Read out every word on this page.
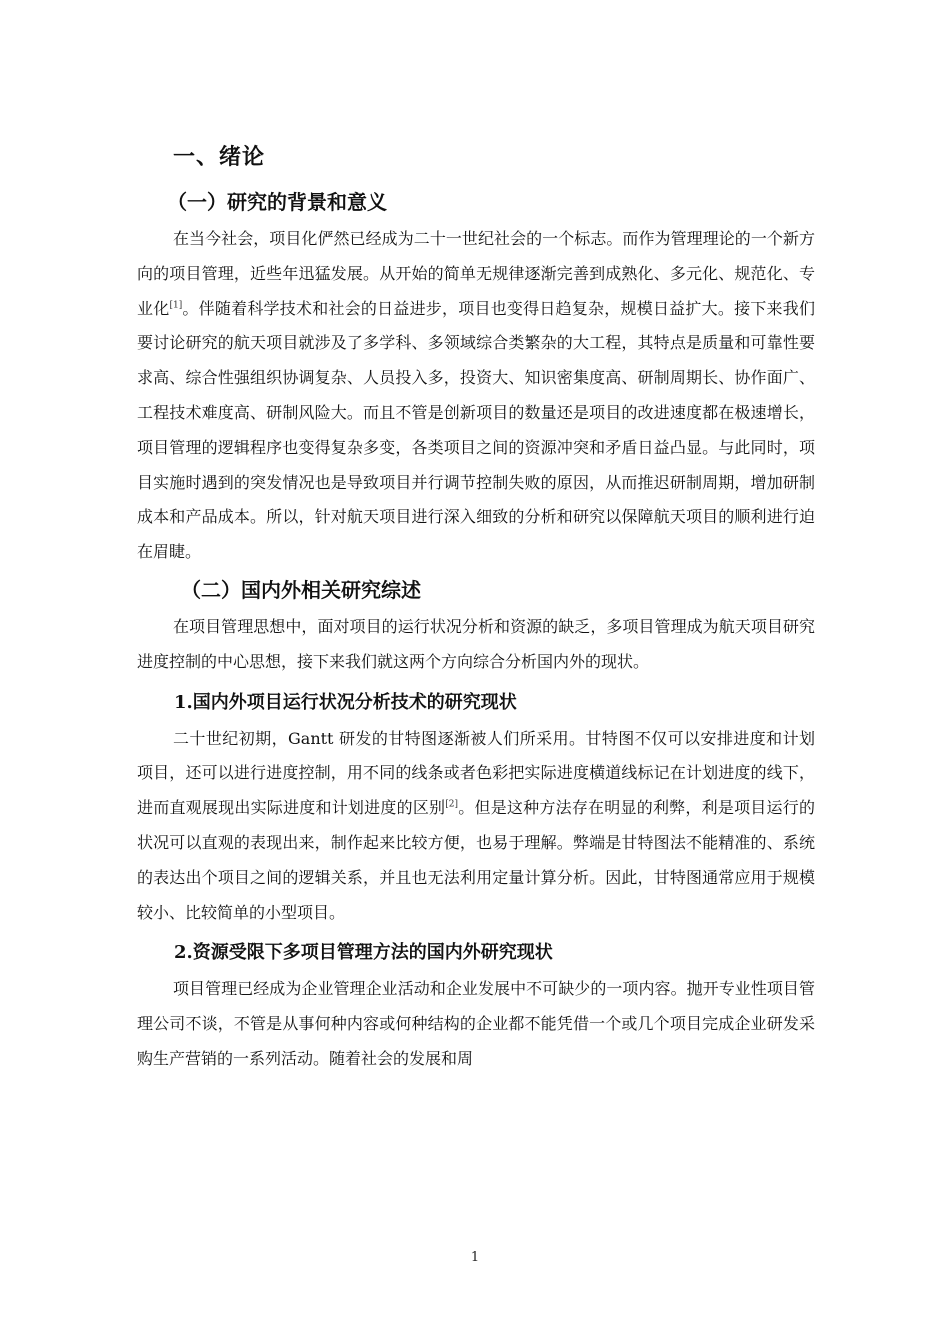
一、绪论
（一）研究的背景和意义

在当今社会，项目化俨然已经成为二十一世纪社会的一个标志。而作为管理理论的一个新方向的项目管理，近些年迅猛发展。从开始的简单无规律逐渐完善到成熟化、多元化、规范化、专业化[1]。伴随着科学技术和社会的日益进步，项目也变得日趋复杂，规模日益扩大。接下来我们要讨论研究的航天项目就涉及了多学科、多领域综合类繁杂的大工程，其特点是质量和可靠性要求高、综合性强组织协调复杂、人员投入多，投资大、知识密集度高、研制周期长、协作面广、工程技术难度高、研制风险大。而且不管是创新项目的数量还是项目的改进速度都在极速增长，项目管理的逻辑程序也变得复杂多变，各类项目之间的资源冲突和矛盾日益凸显。与此同时，项目实施时遇到的突发情况也是导致项目并行调节控制失败的原因，从而推迟研制周期，增加研制成本和产品成本。所以，针对航天项目进行深入细致的分析和研究以保障航天项目的顺利进行迫在眉睫。

（二）国内外相关研究综述

在项目管理思想中，面对项目的运行状况分析和资源的缺乏，多项目管理成为航天项目研究进度控制的中心思想，接下来我们就这两个方向综合分析国内外的现状。

1.国内外项目运行状况分析技术的研究现状

二十世纪初期，Gantt 研发的甘特图逐渐被人们所采用。甘特图不仅可以安排进度和计划项目，还可以进行进度控制，用不同的线条或者色彩把实际进度横道线标记在计划进度的线下，进而直观展现出实际进度和计划进度的区别[2]。但是这种方法存在明显的利弊，利是项目运行的状况可以直观的表现出来，制作起来比较方便，也易于理解。弊端是甘特图法不能精准的、系统的表达出个项目之间的逻辑关系，并且也无法利用定量计算分析。因此，甘特图通常应用于规模较小、比较简单的小型项目。

2.资源受限下多项目管理方法的国内外研究现状

项目管理已经成为企业管理企业活动和企业发展中不可缺少的一项内容。抛开专业性项目管理公司不谈，不管是从事何种内容或何种结构的企业都不能凭借一个或几个项目完成企业研发采购生产营销的一系列活动。随着社会的发展和周

1
